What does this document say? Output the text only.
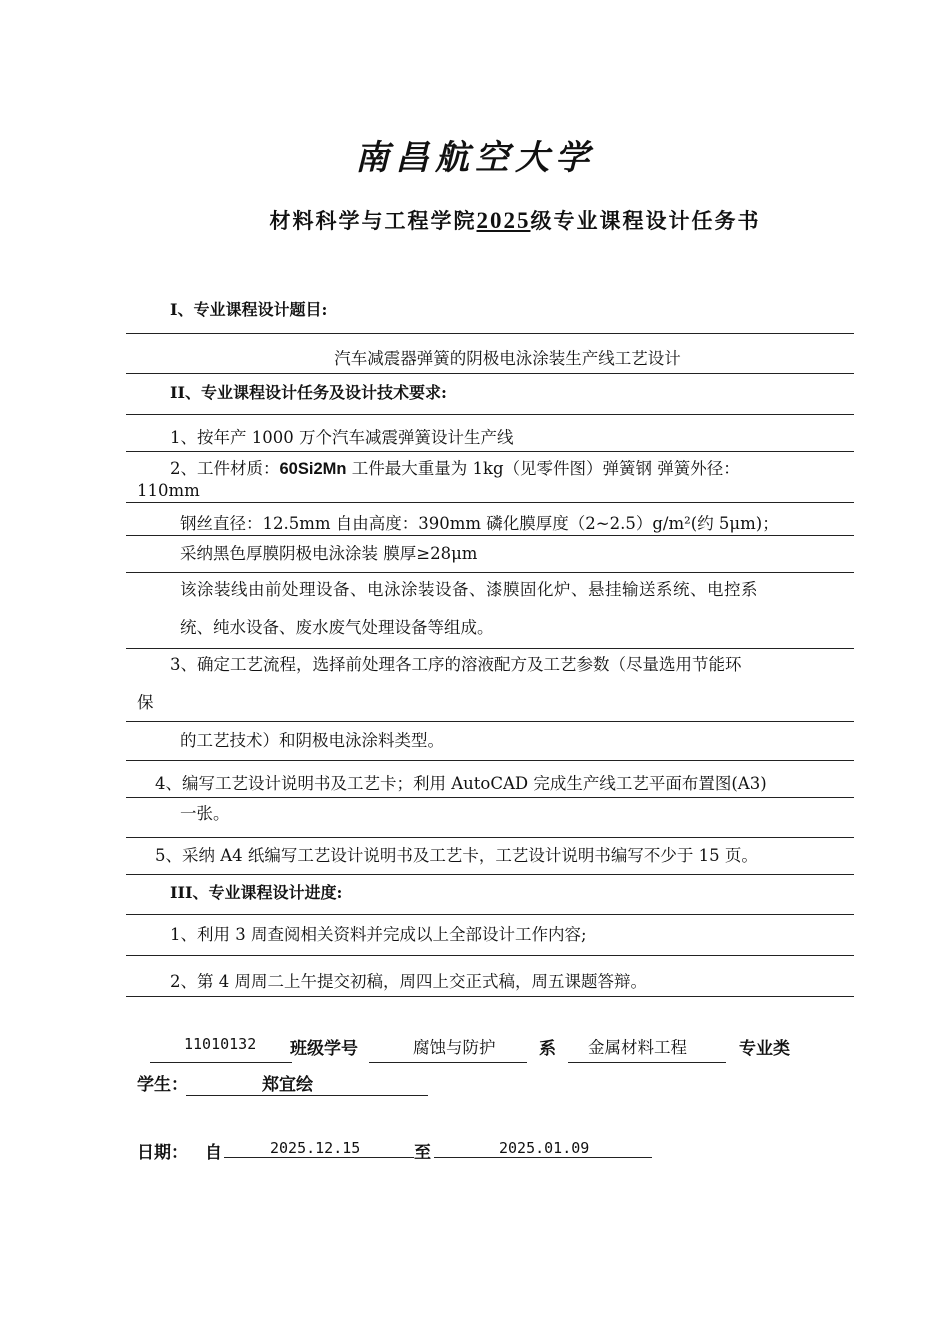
南昌航空大学
材料科学与工程学院2025级专业课程设计任务书
I、专业课程设计题目:
汽车减震器弹簧的阴极电泳涂装生产线工艺设计
II、专业课程设计任务及设计技术要求:
1、按年产 1000 万个汽车减震弹簧设计生产线
2、工件材质：60Si2Mn 工件最大重量为 1kg（见零件图）弹簧钢 弹簧外径：
110mm
钢丝直径：12.5mm 自由高度：390mm 磷化膜厚度（2~2.5）g/m²(约 5μm)；
采纳黑色厚膜阴极电泳涂装 膜厚≥28μm
该涂装线由前处理设备、电泳涂装设备、漆膜固化炉、悬挂输送系统、电控系
统、纯水设备、废水废气处理设备等组成。
3、确定工艺流程，选择前处理各工序的溶液配方及工艺参数（尽量选用节能环
保
的工艺技术）和阴极电泳涂料类型。
4、编写工艺设计说明书及工艺卡；利用 AutoCAD 完成生产线工艺平面布置图(A3)
一张。
5、采纳 A4 纸编写工艺设计说明书及工艺卡，工艺设计说明书编写不少于 15 页。
III、专业课程设计进度:
1、利用 3 周查阅相关资料并完成以上全部设计工作内容;
2、第 4 周周二上午提交初稿，周四上交正式稿，周五课题答辩。
11010132 班级学号	腐蚀与防护	系 金属材料工程	专业类
学生：	郑宜绘
日期： 自	2025.12.15	至	2025.01.09
